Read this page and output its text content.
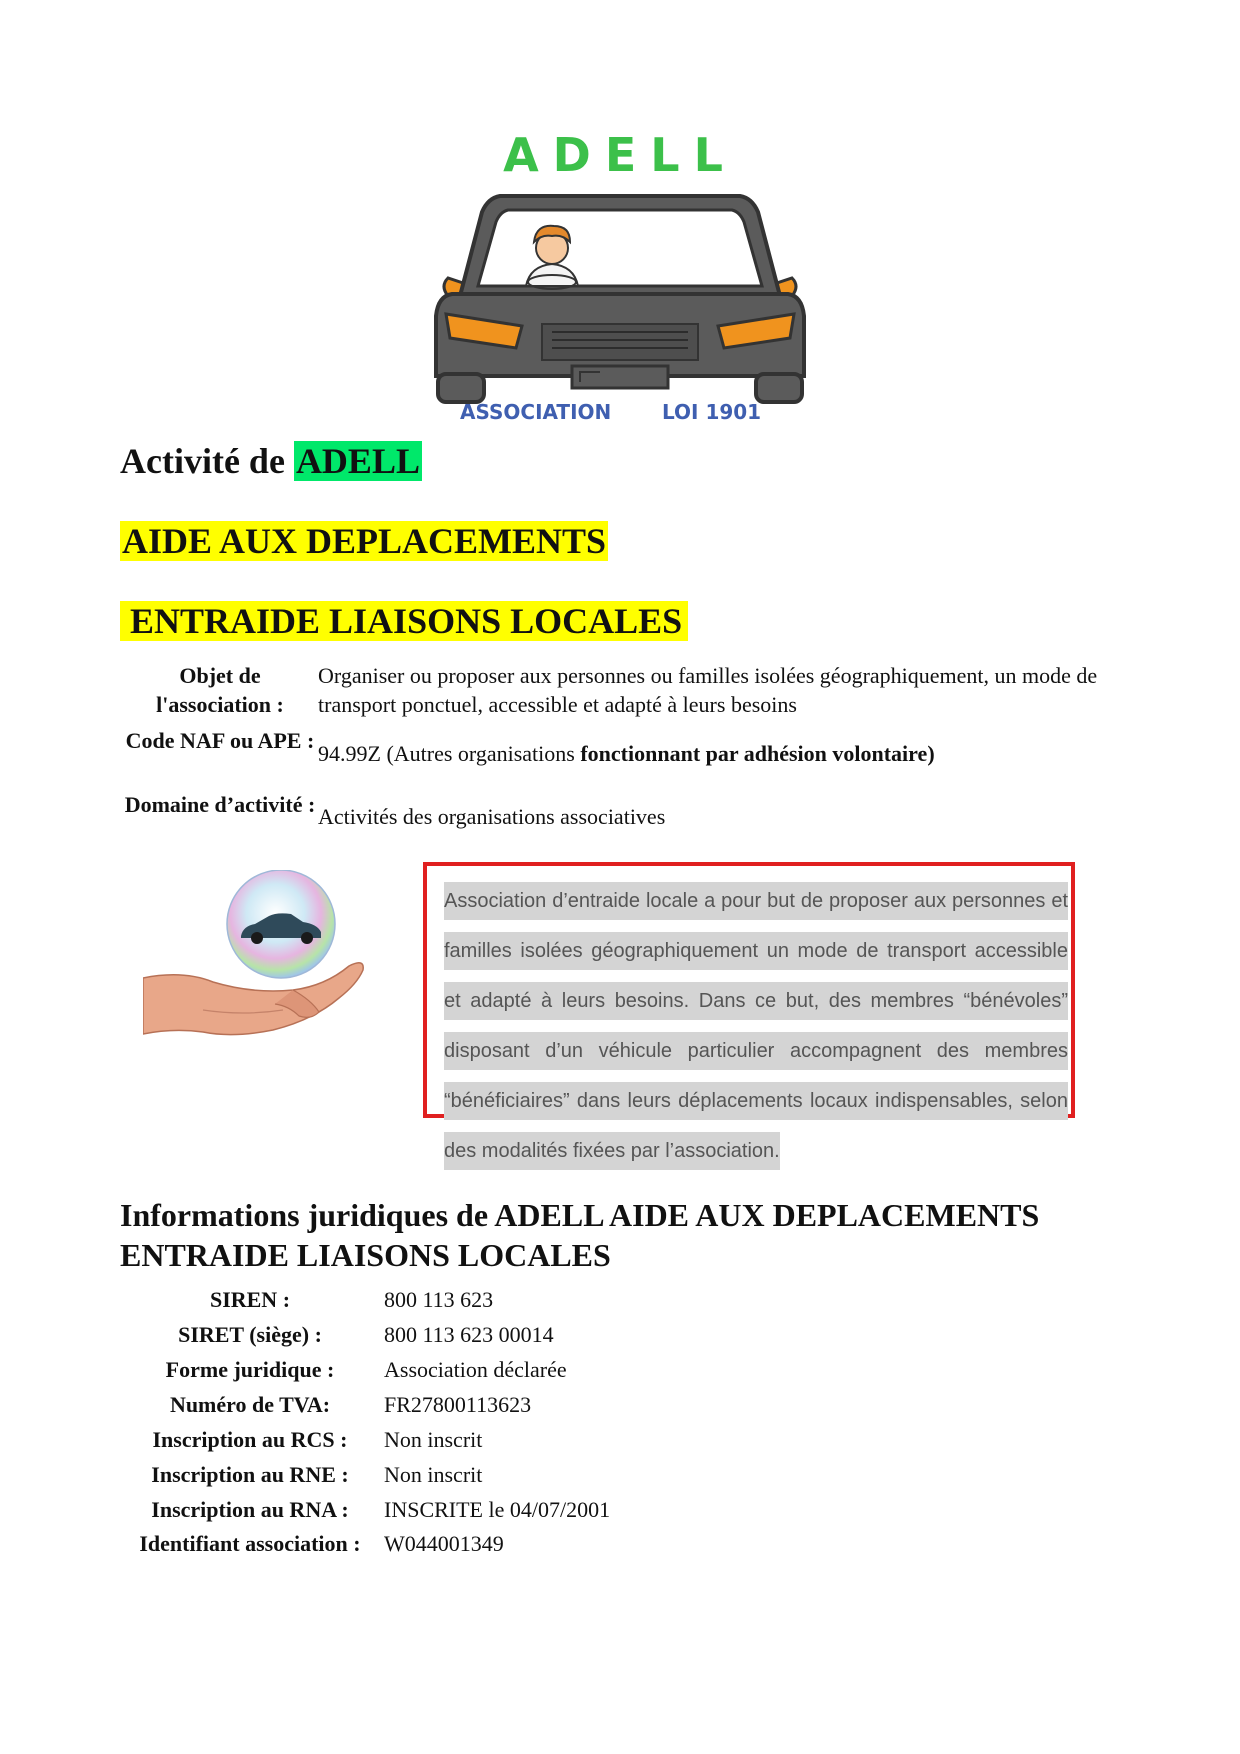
ADELL
ASSOCIATION	LOI 1901
Activité de ADELL
AIDE AUX DEPLACEMENTS
ENTRAIDE LIAISONS LOCALES
Objet de l'association :
Organiser ou proposer aux personnes ou familles isolées géographiquement, un mode de transport ponctuel, accessible et adapté à leurs besoins
Code NAF ou APE :
94.99Z (Autres organisations fonctionnant par adhésion volontaire)
Domaine d’activité : Activités des organisations associatives
Association d’entraide locale a pour but de proposer aux personnes et familles isolées géographiquement un mode de transport accessible et adapté à leurs besoins. Dans ce but, des membres “bénévoles” disposant d’un véhicule particulier accompagnent des membres “bénéficiaires” dans leurs déplacements locaux indispensables, selon des modalités fixées par l’association.
Informations juridiques de ADELL AIDE AUX DEPLACEMENTS ENTRAIDE LIAISONS LOCALES
SIREN :	800 113 623
SIRET (siège) :	800 113 623 00014
Forme juridique :	Association déclarée
Numéro de TVA:	FR27800113623
Inscription au RCS :	Non inscrit
Inscription au RNE :	Non inscrit
Inscription au RNA :	INSCRITE le 04/07/2001
Identifiant association :	W044001349
